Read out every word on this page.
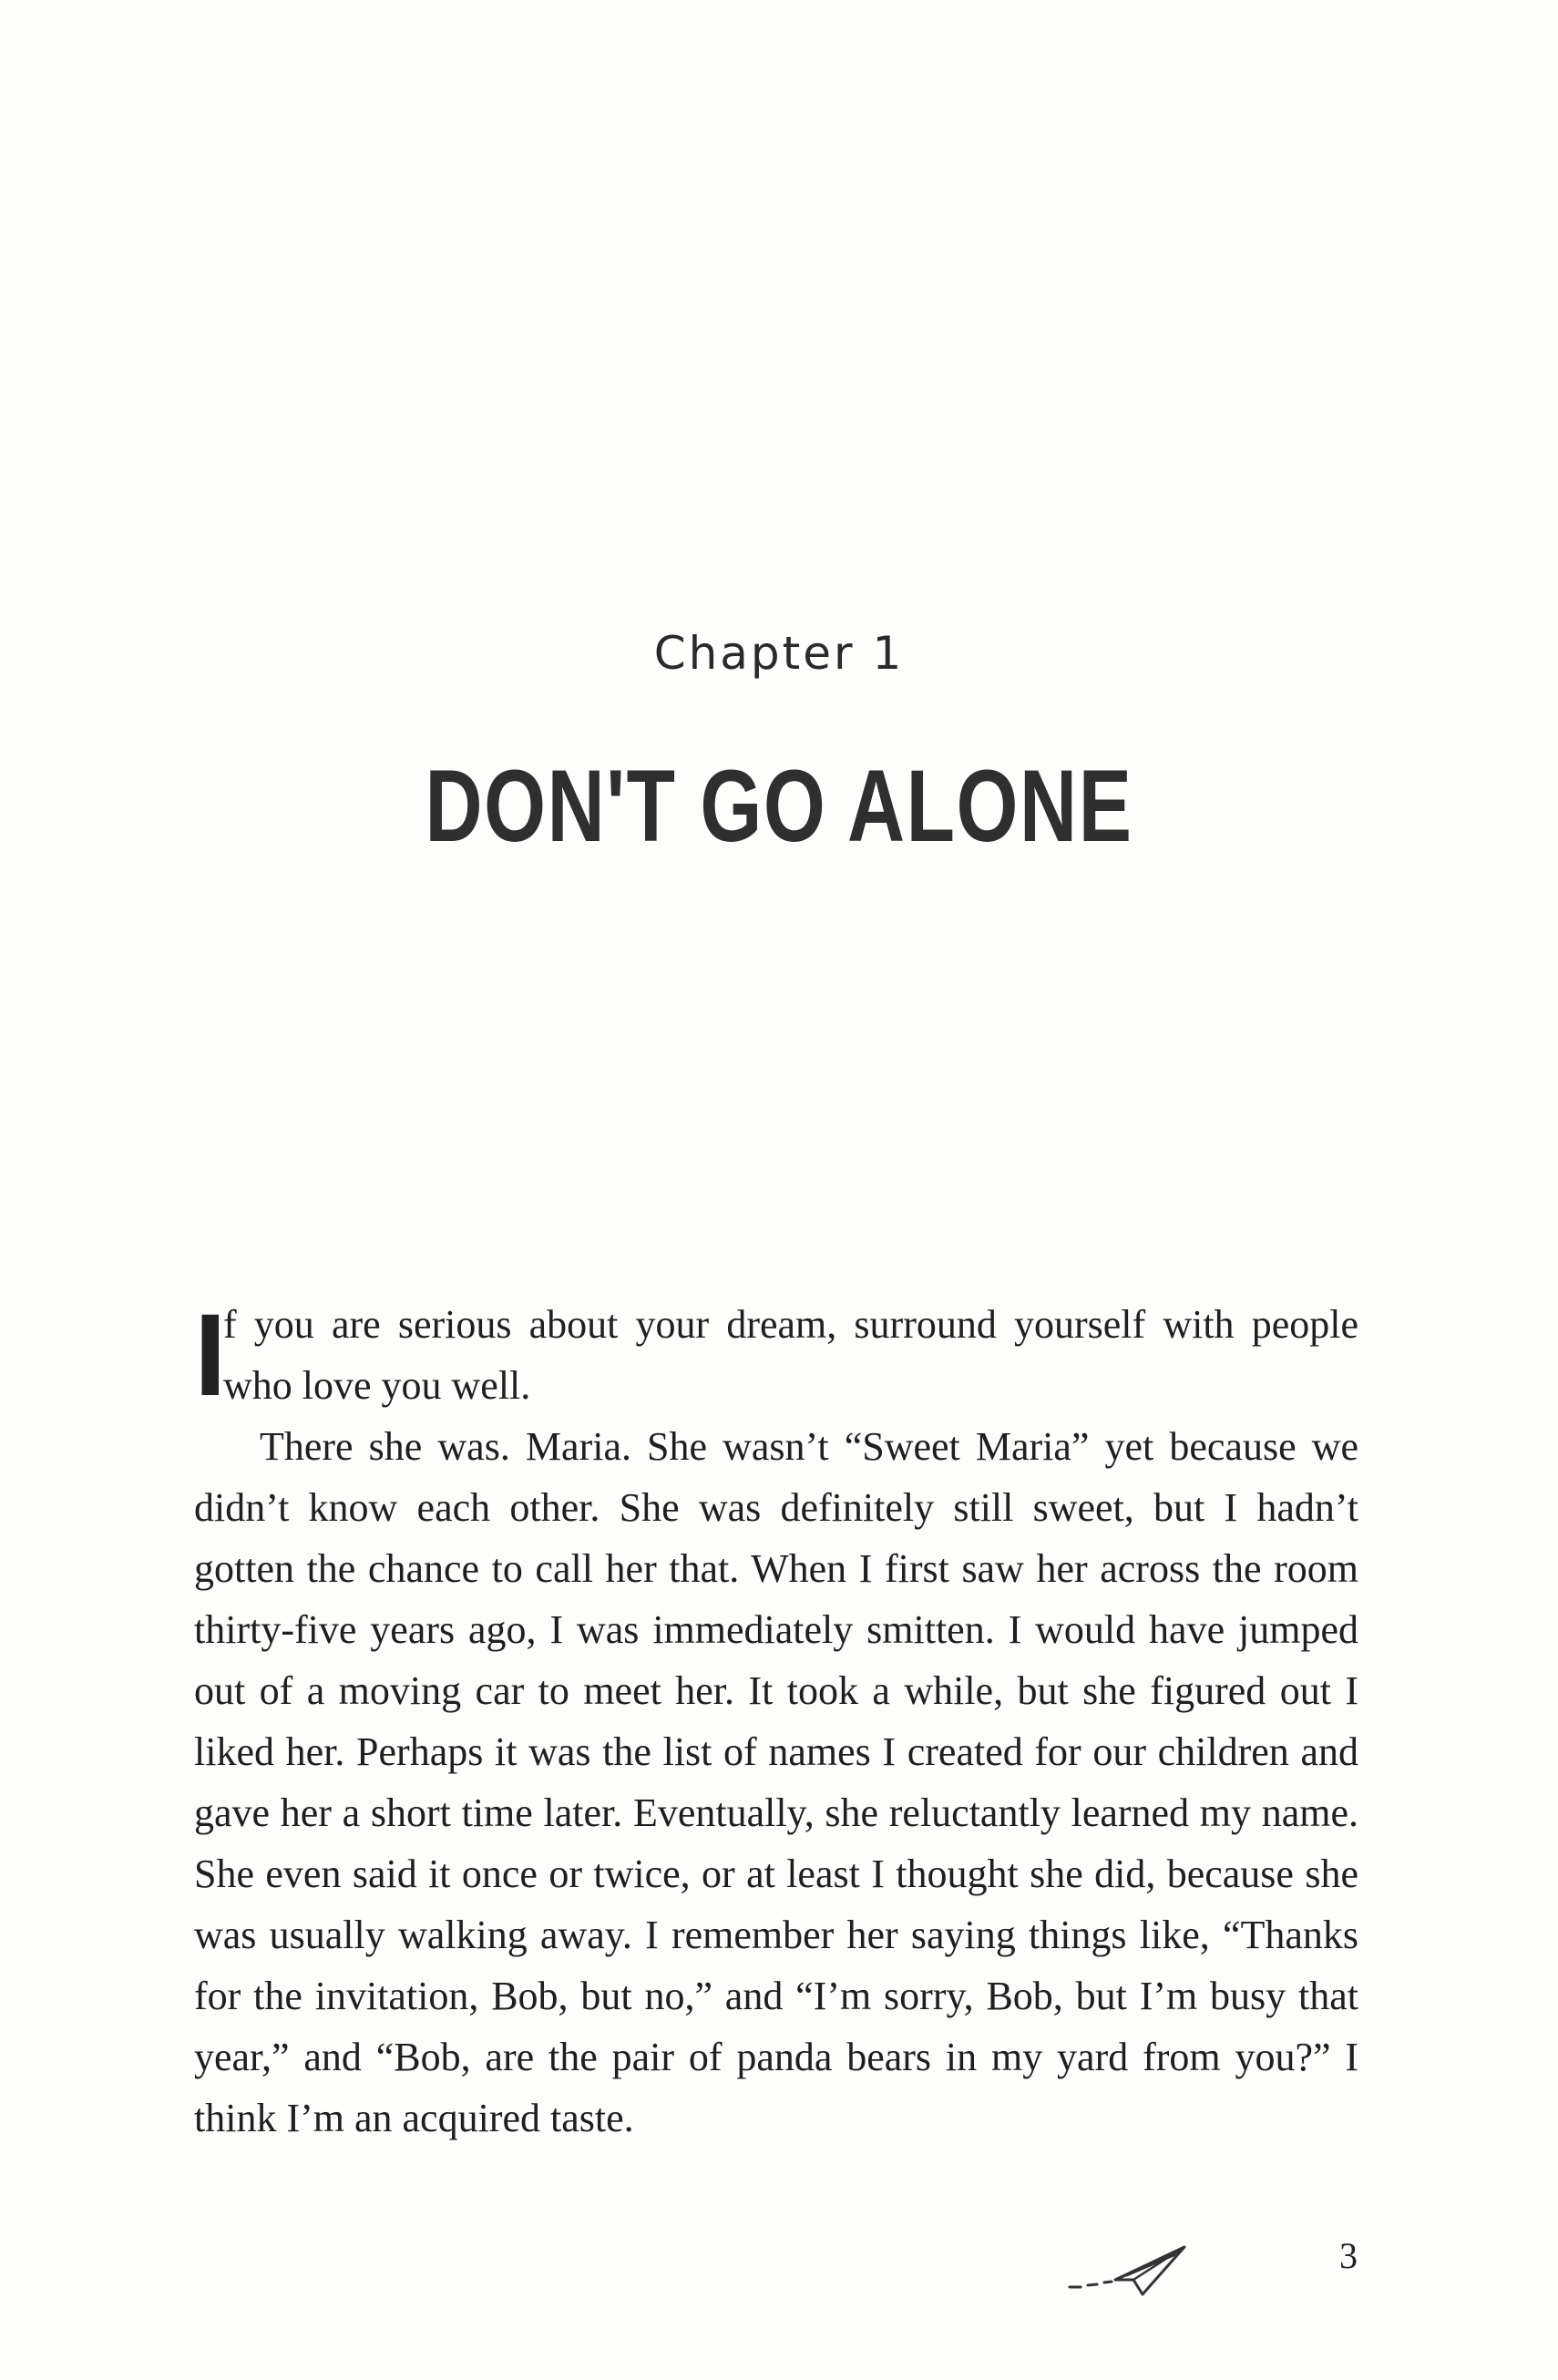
Chapter 1
DON'T GO ALONE
I

f you are serious about your dream, surround yourself with people who love you well.

There she was. Maria. She wasn’t “Sweet Maria” yet because we didn’t know each other. She was definitely still sweet, but I hadn’t gotten the chance to call her that. When I first saw her across the room thirty-five years ago, I was immediately smitten. I would have jumped out of a moving car to meet her. It took a while, but she figured out I liked her. Perhaps it was the list of names I created for our children and gave her a short time later. Eventually, she reluctantly learned my name. She even said it once or twice, or at least I thought she did, because she was usually walking away. I remember her saying things like, “Thanks for the invitation, Bob, but no,” and “I’m sorry, Bob, but I’m busy that year,” and “Bob, are the pair of panda bears in my yard from you?” I think I’m an acquired taste.

3
